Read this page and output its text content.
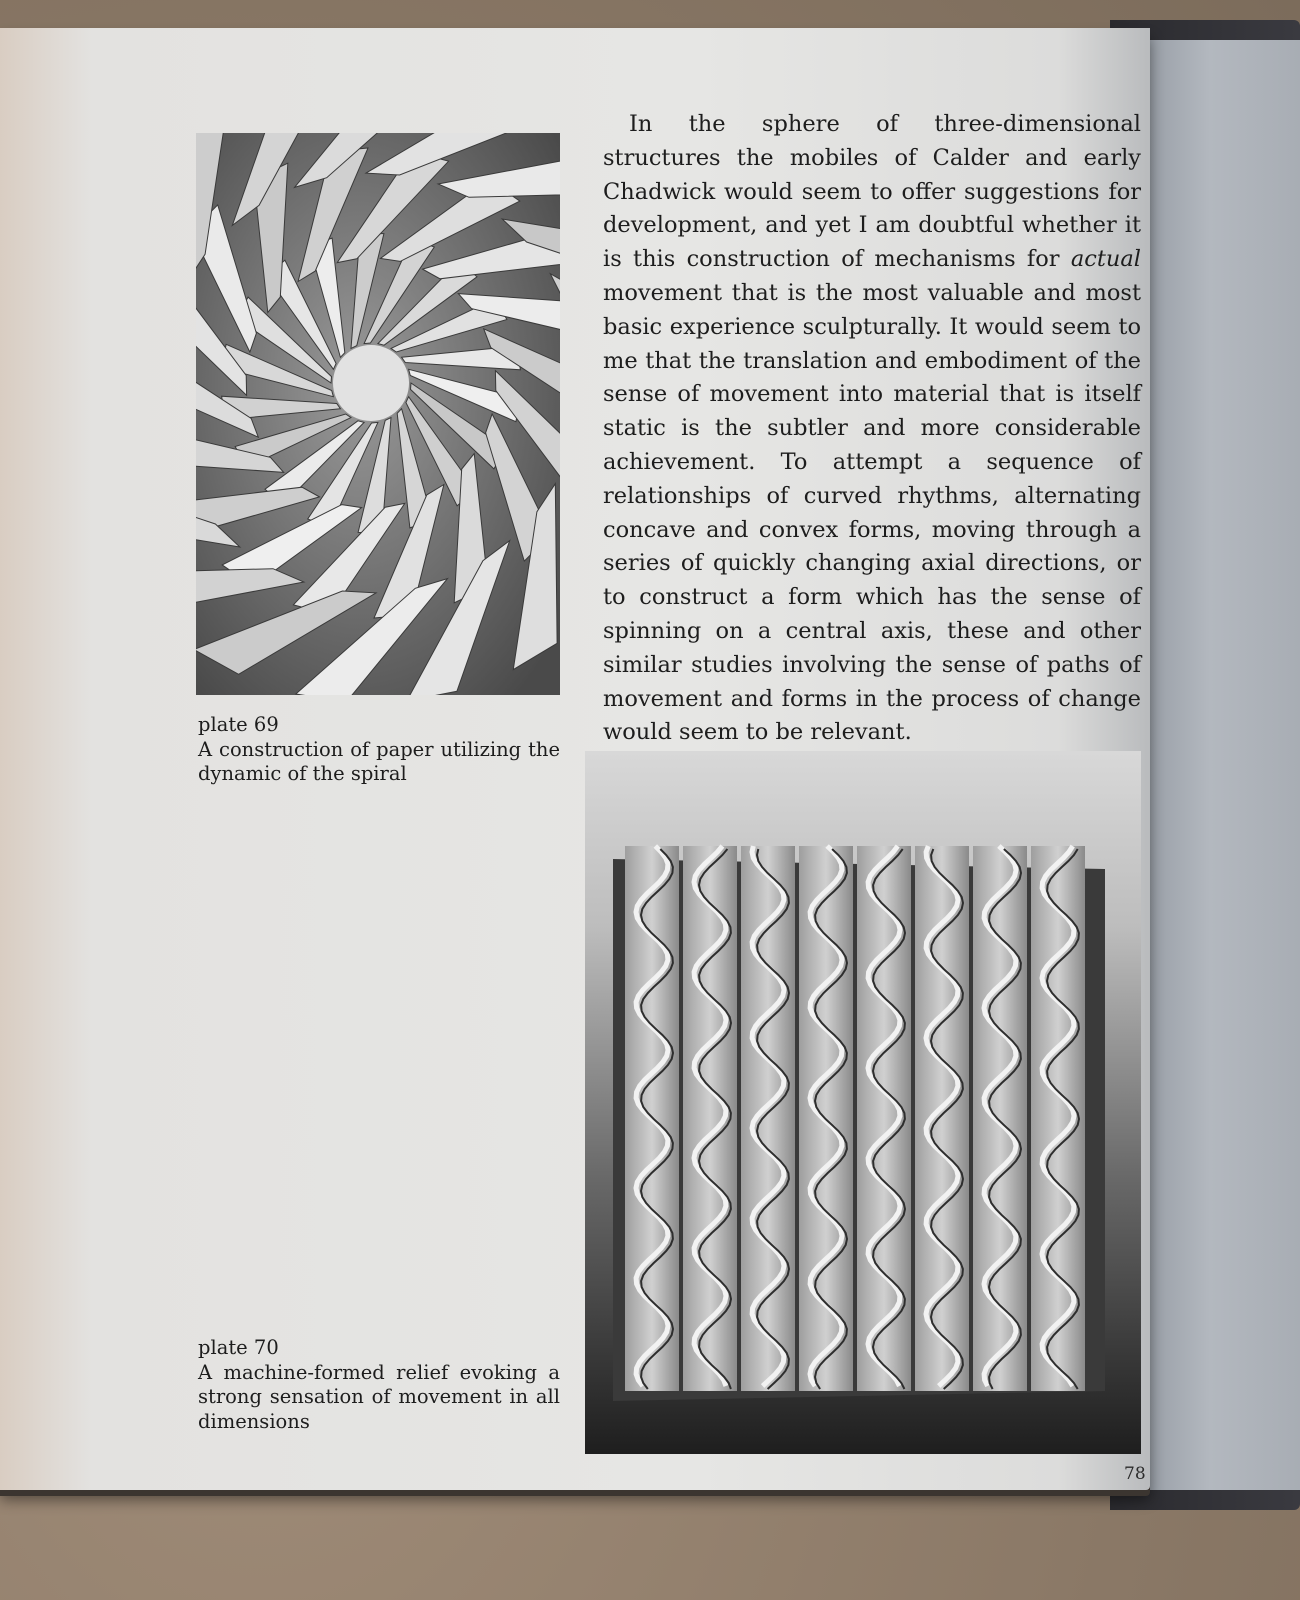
In the sphere of three-dimensional structures the mobiles of Calder and early Chadwick would seem to offer suggestions for development, and yet I am doubtful whether it is this construction of mechanisms for actual movement that is the most valuable and most basic experience sculpturally. It would seem to me that the translation and embodiment of the sense of movement into material that is itself static is the subtler and more considerable achievement. To attempt a sequence of relationships of curved rhythms, alternating concave and convex forms, moving through a series of quickly changing axial directions, or to construct a form which has the sense of spinning on a central axis, these and other similar studies involving the sense of paths of movement and forms in the process of change would seem to be relevant.

plate 69
A construction of paper utilizing the dynamic of the spiral
plate 70
A machine-formed relief evoking a strong sensation of movement in all dimensions
78
